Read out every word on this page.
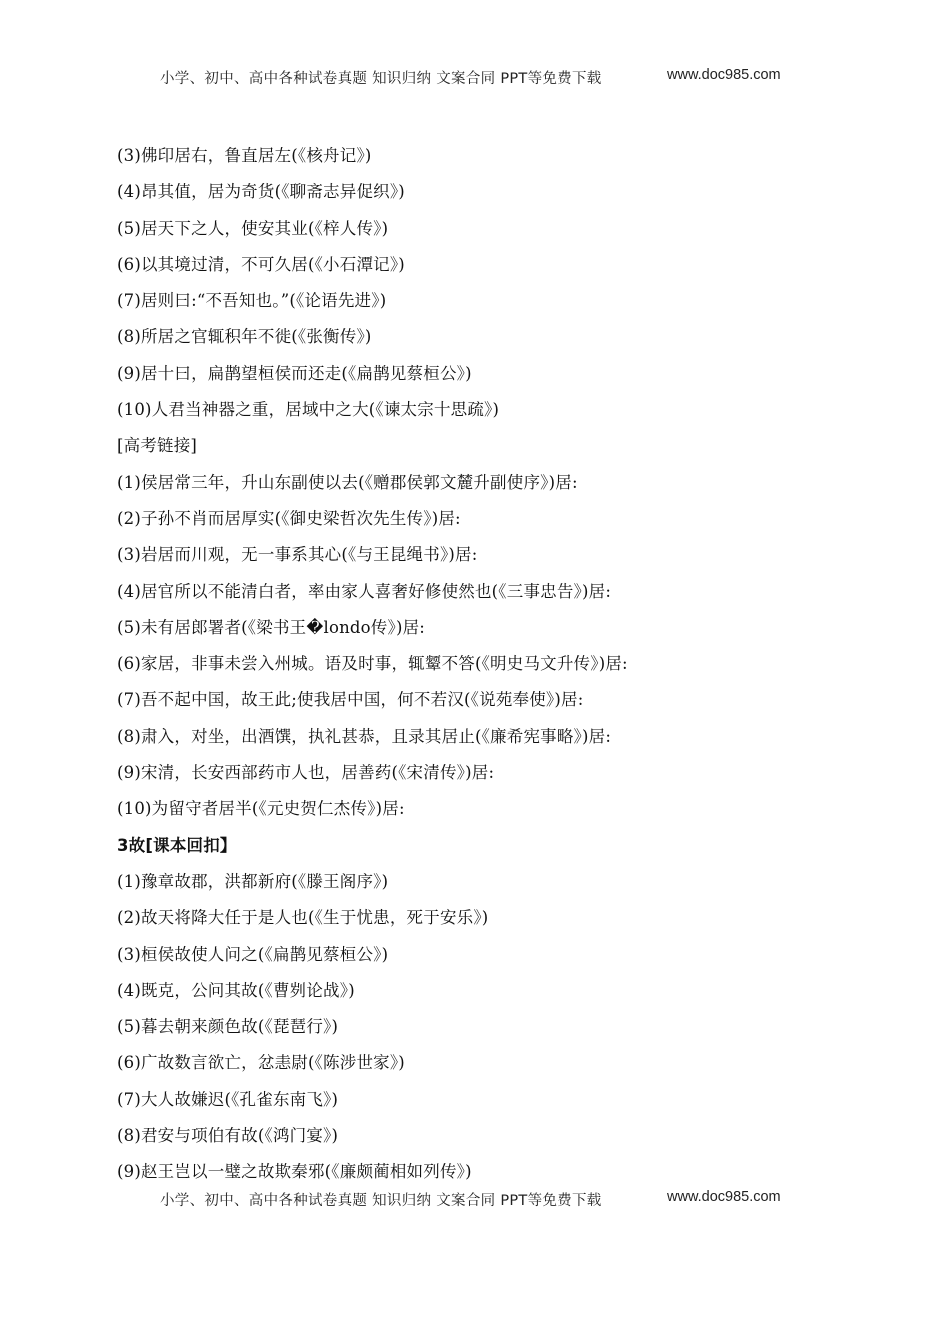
小学、初中、高中各种试卷真题 知识归纳 文案合同 PPT等免费下载	www.doc985.com
(3)佛印居右，鲁直居左(《核舟记》)
(4)昂其值，居为奇货(《聊斋志异促织》)
(5)居天下之人，使安其业(《梓人传》)
(6)以其境过清，不可久居(《小石潭记》)
(7)居则曰:“不吾知也。”(《论语先进》)
(8)所居之官辄积年不徙(《张衡传》)
(9)居十曰，扁鹊望桓侯而还走(《扁鹊见蔡桓公》)
(10)人君当神器之重，居域中之大(《谏太宗十思疏》)
[高考链接]
(1)侯居常三年，升山东副使以去(《赠郡侯郭文麓升副使序》)居:
(2)子孙不肖而居厚实(《御史梁哲次先生传》)居:
(3)岩居而川观，无一事系其心(《与王昆绳书》)居:
(4)居官所以不能清白者，率由家人喜奢好修使然也(《三事忠告》)居:
(5)未有居郎署者(《梁书王�londo传》)居:
(6)家居，非事未尝入州城。语及时事，辄颦不答(《明史马文升传》)居:
(7)吾不起中国，故王此;使我居中国，何不若汉(《说苑奉使》)居:
(8)肃入，对坐，出酒馔，执礼甚恭，且录其居止(《廉希宪事略》)居:
(9)宋清，长安西部药市人也，居善药(《宋清传》)居:
(10)为留守者居半(《元史贺仁杰传》)居:
3故[课本回扣】
(1)豫章故郡，洪都新府(《滕王阁序》)
(2)故天将降大任于是人也(《生于忧患，死于安乐》)
(3)桓侯故使人问之(《扁鹊见蔡桓公》)
(4)既克，公问其故(《曹刿论战》)
(5)暮去朝来颜色故(《琵琶行》)
(6)广故数言欲亡，忿恚尉(《陈涉世家》)
(7)大人故嫌迟(《孔雀东南飞》)
(8)君安与项伯有故(《鸿门宴》)
(9)赵王岂以一璧之故欺秦邪(《廉颇蔺相如列传》)
小学、初中、高中各种试卷真题 知识归纳 文案合同 PPT等免费下载	www.doc985.com
